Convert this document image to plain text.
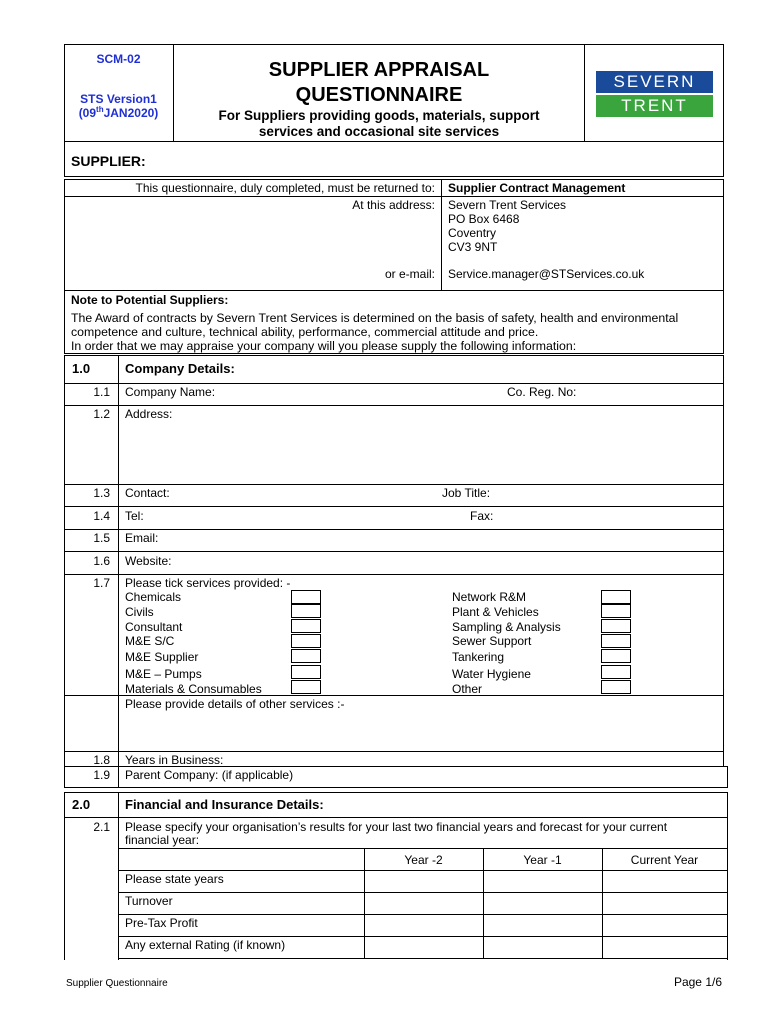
SCM-02
STS Version1
(09thJAN2020)
SUPPLIER APPRAISAL
QUESTIONNAIRE
For Suppliers providing goods, materials, support
services and occasional site services
SEVERN
TRENT
SUPPLIER:
This questionnaire, duly completed, must be returned to: Supplier Contract Management
At this address: Severn Trent Services
PO Box 6468
Coventry
CV3 9NT
or e-mail: Service.manager@STServices.co.uk
Note to Potential Suppliers:
The Award of contracts by Severn Trent Services is determined on the basis of safety, health and environmental
competence and culture, technical ability, performance, commercial attitude and price.
In order that we may appraise your company will you please supply the following information:
1.0	Company Details:
1.1 Company Name:	Co. Reg. No:
1.2 Address:
1.3 Contact:	Job Title:
1.4 Tel:	Fax:
1.5 Email:
1.6 Website:
1.7 Please tick services provided: -
Chemicals
Civils
Consultant
M&E S/C
M&E Supplier
M&E – Pumps
Materials & Consumables
Network R&M
Plant & Vehicles
Sampling & Analysis
Sewer Support
Tankering
Water Hygiene
Other
Please provide details of other services :-
1.8 Years in Business:
1.9 Parent Company: (if applicable)
2.0	Financial and Insurance Details:
2.1 Please specify your organisation’s results for your last two financial years and forecast for your current
financial year:
Year -2	Year -1	Current Year
Please state years
Turnover
Pre-Tax Profit
Any external Rating (if known)
Supplier Questionnaire	Page 1/6
